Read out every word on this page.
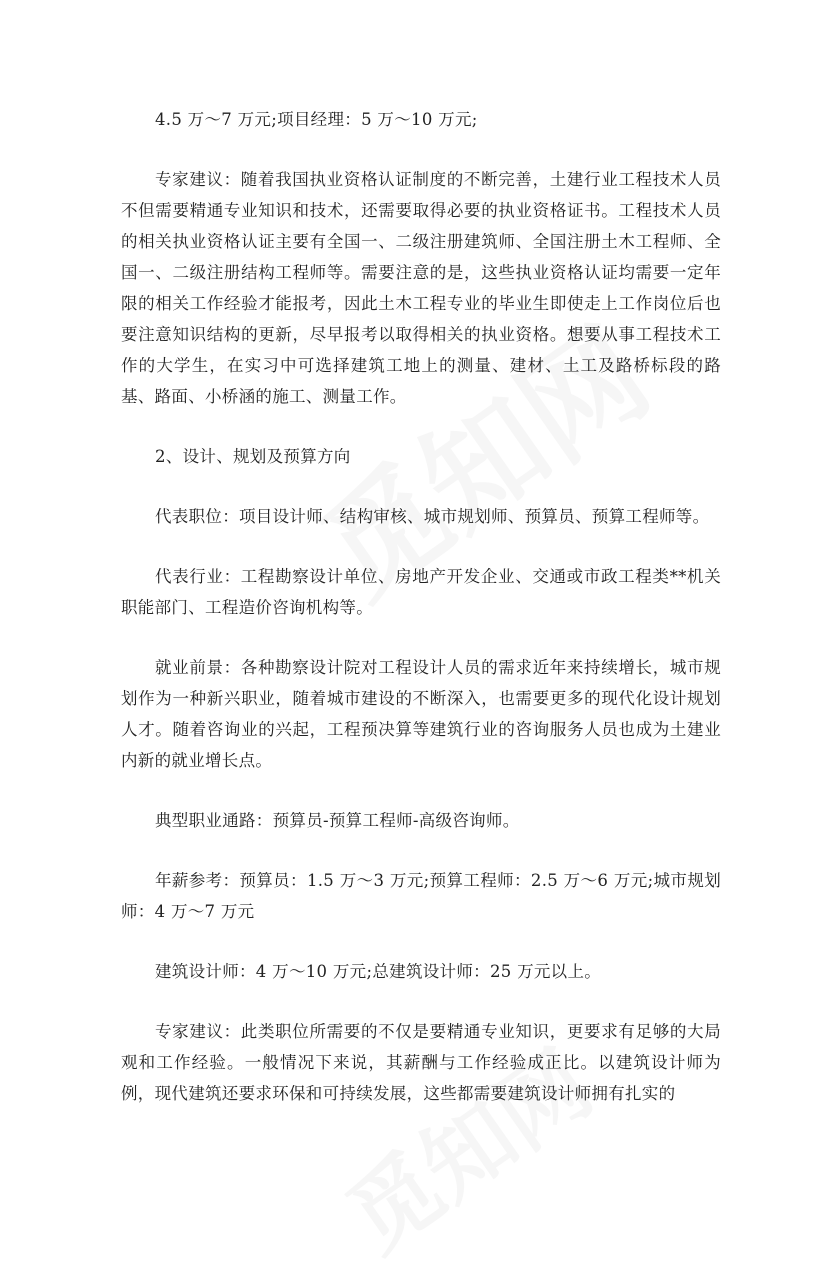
4.5 万～7 万元;项目经理：5 万～10 万元;

专家建议：随着我国执业资格认证制度的不断完善，土建行业工程技术人员不但需要精通专业知识和技术，还需要取得必要的执业资格证书。工程技术人员的相关执业资格认证主要有全国一、二级注册建筑师、全国注册土木工程师、全国一、二级注册结构工程师等。需要注意的是，这些执业资格认证均需要一定年限的相关工作经验才能报考，因此土木工程专业的毕业生即使走上工作岗位后也要注意知识结构的更新，尽早报考以取得相关的执业资格。想要从事工程技术工作的大学生，在实习中可选择建筑工地上的测量、建材、土工及路桥标段的路基、路面、小桥涵的施工、测量工作。

2、设计、规划及预算方向

代表职位：项目设计师、结构审核、城市规划师、预算员、预算工程师等。

代表行业：工程勘察设计单位、房地产开发企业、交通或市政工程类**机关职能部门、工程造价咨询机构等。

就业前景：各种勘察设计院对工程设计人员的需求近年来持续增长，城市规划作为一种新兴职业，随着城市建设的不断深入，也需要更多的现代化设计规划人才。随着咨询业的兴起，工程预决算等建筑行业的咨询服务人员也成为土建业内新的就业增长点。

典型职业通路：预算员-预算工程师-高级咨询师。

年薪参考：预算员：1.5 万～3 万元;预算工程师：2.5 万～6 万元;城市规划师：4 万～7 万元

建筑设计师：4 万～10 万元;总建筑设计师：25 万元以上。

专家建议：此类职位所需要的不仅是要精通专业知识，更要求有足够的大局观和工作经验。一般情况下来说，其薪酬与工作经验成正比。以建筑设计师为例，现代建筑还要求环保和可持续发展，这些都需要建筑设计师拥有扎实的
